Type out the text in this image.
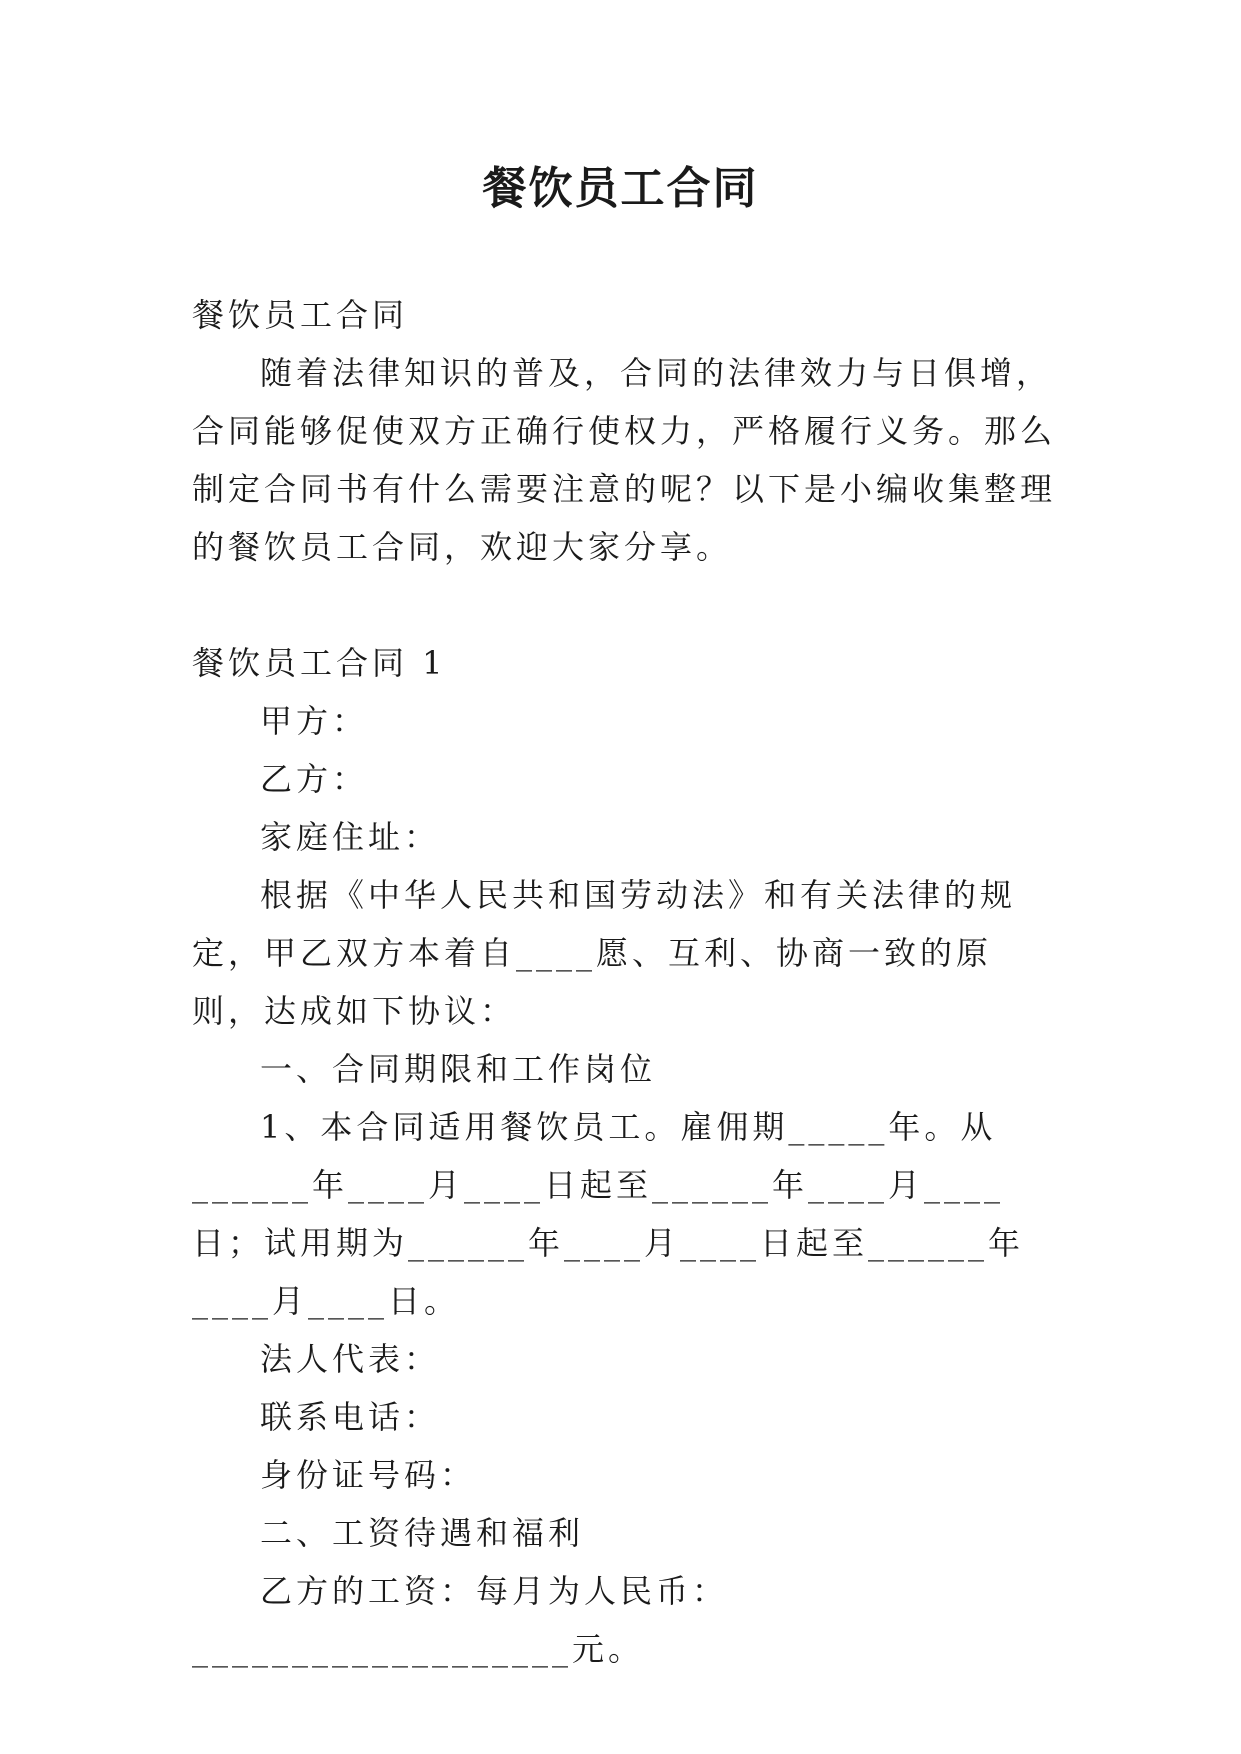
餐饮员工合同

餐饮员工合同

随着法律知识的普及，合同的法律效力与日俱增，合同能够促使双方正确行使权力，严格履行义务。那么制定合同书有什么需要注意的呢？以下是小编收集整理的餐饮员工合同，欢迎大家分享。

餐饮员工合同 1

甲方：

乙方：

家庭住址：

根据《中华人民共和国劳动法》和有关法律的规定，甲乙双方本着自____愿、互利、协商一致的原则，达成如下协议：

一、合同期限和工作岗位

1、本合同适用餐饮员工。雇佣期_____年。从______年____月____日起至______年____月____日；试用期为______年____月____日起至______年____月____日。

法人代表：

联系电话：

身份证号码：

二、工资待遇和福利

乙方的工资：每月为人民币：___________________元。
